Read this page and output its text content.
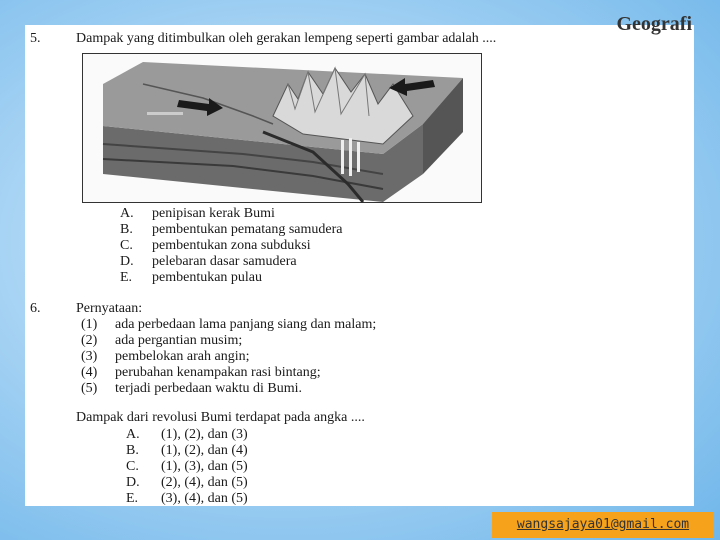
Geografi
5.	Dampak yang ditimbulkan oleh gerakan lempeng seperti gambar adalah ....
A. penipisan kerak Bumi
B. pembentukan pematang samudera
C. pembentukan zona subduksi
D. pelebaran dasar samudera
E. pembentukan pulau
6.	Pernyataan:
(1) ada perbedaan lama panjang siang dan malam;
(2) ada pergantian musim;
(3) pembelokan arah angin;
(4) perubahan kenampakan rasi bintang;
(5) terjadi perbedaan waktu di Bumi.
Dampak dari revolusi Bumi terdapat pada angka ....
A. (1), (2), dan (3)
B. (1), (2), dan (4)
C. (1), (3), dan (5)
D. (2), (4), dan (5)
E. (3), (4), dan (5)
wangsajaya01@gmail.com
